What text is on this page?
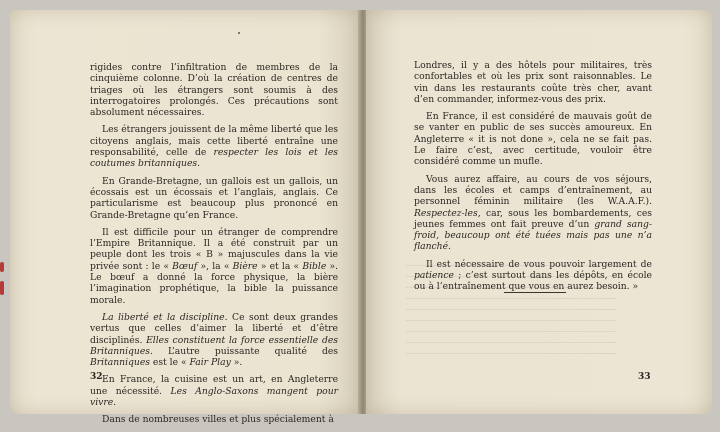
rigides contre l’infiltration de membres de la cinquième colonne. D’où la création de centres de triages où les étrangers sont soumis à des interrogatoires prolongés. Ces précautions sont absolument nécessaires.

Les étrangers jouissent de la même liberté que les citoyens anglais, mais cette liberté entraîne une responsabilité, celle de respecter les lois et les coutumes britanniques.

En Grande-Bretagne, un gallois est un gallois, un écossais est un écossais et l’anglais, anglais. Ce particularisme est beaucoup plus prononcé en Grande-Bretagne qu’en France.

Il est difficile pour un étranger de comprendre l’Empire Britannique. Il a été construit par un peuple dont les trois « B » majuscules dans la vie privée sont : le « Bœuf », la « Bière » et la « Bible ». Le bœuf a donné la force physique, la bière l’imagination prophétique, la bible la puissance morale.

La liberté et la discipline. Ce sont deux grandes vertus que celles d’aimer la liberté et d’être disciplinés. Elles constituent la force essentielle des Britanniques. L’autre puissante qualité des Britanniques est le « Fair Play ».

En France, la cuisine est un art, en Angleterre une nécessité. Les Anglo-Saxons mangent pour vivre.

Dans de nombreuses villes et plus spécialement à

32

Londres, il y a des hôtels pour militaires, très confortables et où les prix sont raisonnables. Le vin dans les restaurants coûte très cher, avant d’en commander, informez-vous des prix.

En France, il est considéré de mauvais goût de se vanter en public de ses succès amoureux. En Angleterre « it is not done », cela ne se fait pas. Le faire c’est, avec certitude, vouloir être considéré comme un mufle.

Vous aurez affaire, au cours de vos séjours, dans les écoles et camps d’entraînement, au personnel féminin militaire (les W.A.A.F.). Respectez-les, car, sous les bombardements, ces jeunes femmes ont fait preuve d’un grand sang-froid, beaucoup ont été tuées mais pas une n’a flanché.

Il est nécessaire de vous pouvoir largement de patience ; c’est surtout dans les dépôts, en école ou à l’entraînement que vous en aurez besoin. »

33
